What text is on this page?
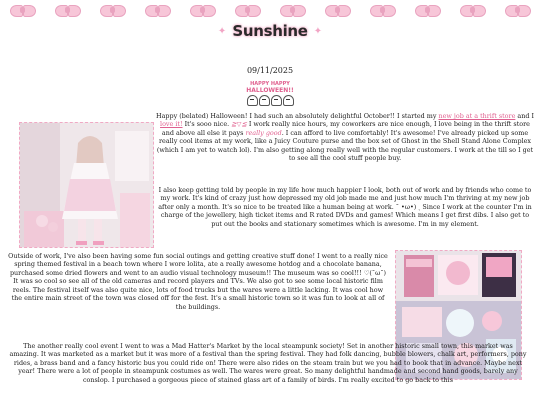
✦ Sunshine ✦
09/11/2025
HAPPY HAPPY
HALLOWEEN!!
Happy (belated) Halloween! I had such an absolutely delightful October!! I started my new job at a thrift store and I love it! It's sooo nice. ≧▽≦ I work really nice hours, my coworkers are nice enough, I love being in the thrift store and above all else it pays really good. I can afford to live comfortably! It's awesome! I've already picked up some really cool items at my work, like a Juicy Couture purse and the box set of Ghost in the Shell Stand Alone Complex (which I am yet to watch lol). I'm also getting along really well with the regular customers. I work at the till so I get to see all the cool stuff people buy.
I also keep getting told by people in my life how much happier I look, both out of work and by friends who come to my work. It's kind of crazy just how depressed my old job made me and just how much I'm thriving at my new job after only a month. It's so nice to be treated like a human being at work. ˘ •ω•) ˎ Since I work at the counter I'm in charge of the jewellery, high ticket items and R rated DVDs and games! Which means I get first dibs. I also get to put out the books and stationary sometimes which is awesome. I'm in my element.
Outside of work, I've also been having some fun social outings and getting creative stuff done! I went to a really nice spring themed festival in a beach town where I wore lolita, ate a really awesome hotdog and a chocolate banana, purchased some dried flowers and went to an audio visual technology museum!! The museum was so cool!!! ♡(˘ω˘) It was so cool so see all of the old cameras and record players and TVs. We also got to see some local historic film reels. The festival itself was also quite nice, lots of food trucks but the wares were a little lacking. It was cool how the entire main street of the town was closed off for the fest. It's a small historic town so it was fun to look at all of the buildings.
The another really cool event I went to was a Mad Hatter's Market by the local steampunk society! Set in another historic small town, this market was amazing. It was marketed as a market but it was more of a festival than the spring festival. They had folk dancing, bubble blowers, chalk art, performers, pony rides, a brass band and a fancy historic bus you could ride on! There were also rides on the steam train but we you had to book that in advance. Maybe next year! There were a lot of people in steampunk costumes as well. The wares were great. So many delightful handmade and second hand goods, barely any conslop. I purchased a gorgeous piece of stained glass art of a family of birds. I'm really excited to go back to this
